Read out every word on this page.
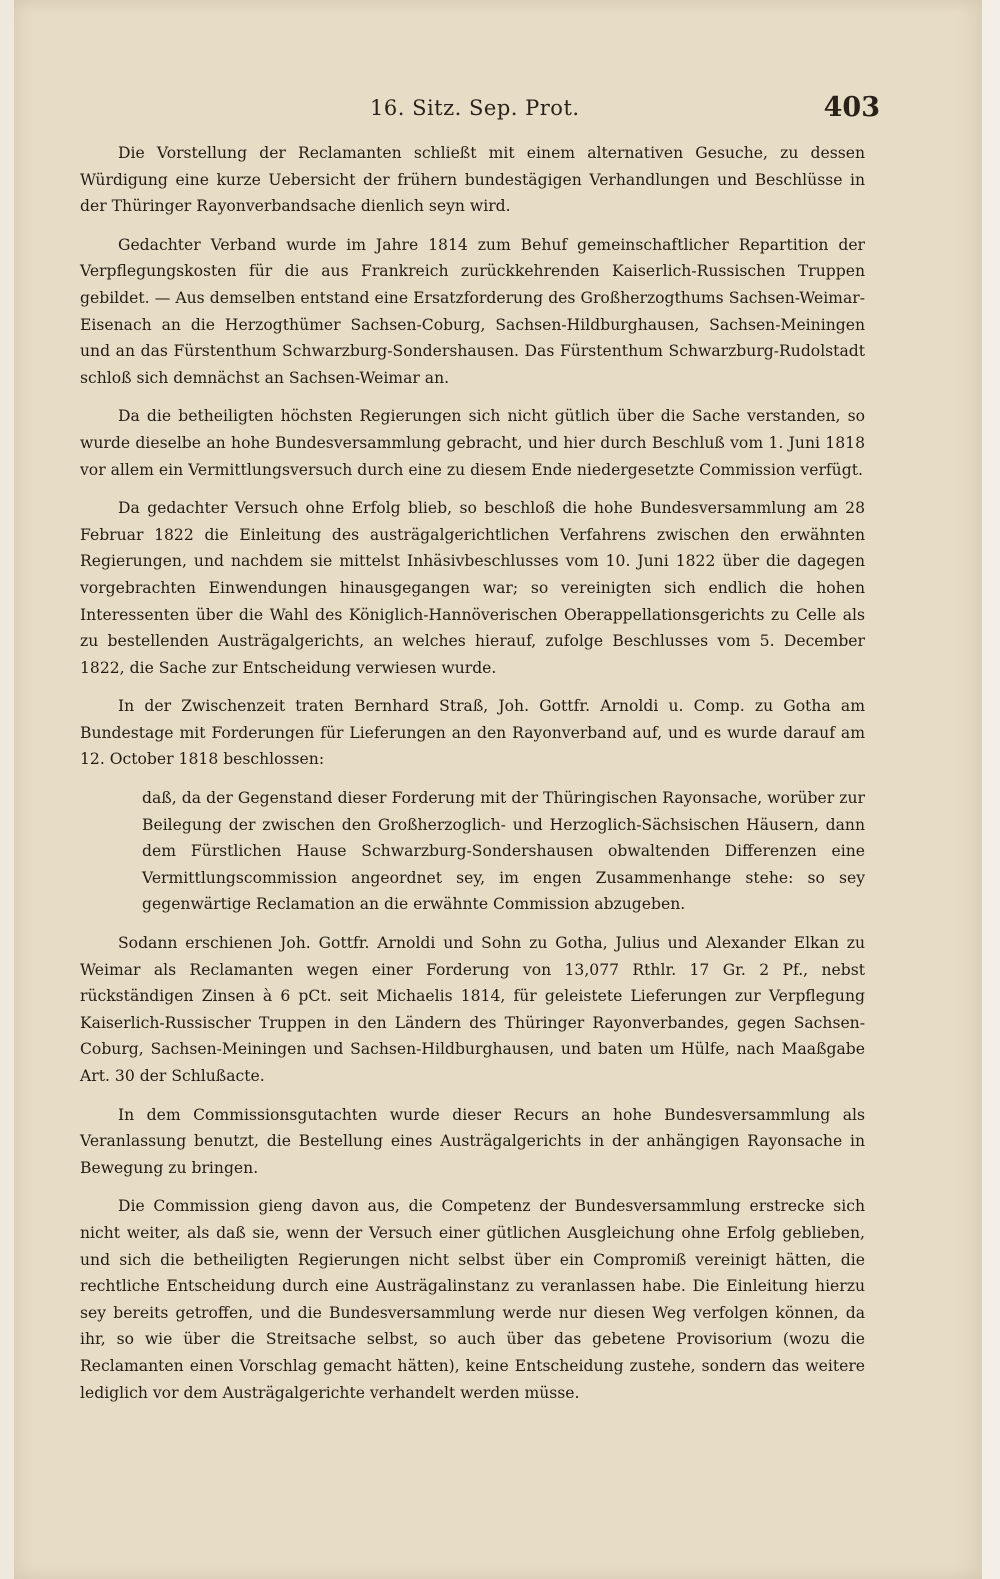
16. Sitz. Sep. Prot.	403

Die Vorstellung der Reclamanten schließt mit einem alternativen Gesuche, zu dessen Würdigung eine kurze Uebersicht der frühern bundestägigen Verhandlungen und Beschlüsse in der Thüringer Rayonverbandsache dienlich seyn wird.

Gedachter Verband wurde im Jahre 1814 zum Behuf gemeinschaftlicher Repartition der Verpflegungskosten für die aus Frankreich zurückkehrenden Kaiserlich-Russischen Truppen gebildet. — Aus demselben entstand eine Ersatzforderung des Großherzogthums Sachsen-Weimar-Eisenach an die Herzogthümer Sachsen-Coburg, Sachsen-Hildburghausen, Sachsen-Meiningen und an das Fürstenthum Schwarzburg-Sondershausen. Das Fürstenthum Schwarzburg-Rudolstadt schloß sich demnächst an Sachsen-Weimar an.

Da die betheiligten höchsten Regierungen sich nicht gütlich über die Sache verstanden, so wurde dieselbe an hohe Bundesversammlung gebracht, und hier durch Beschluß vom 1. Juni 1818 vor allem ein Vermittlungsversuch durch eine zu diesem Ende niedergesetzte Commission verfügt.

Da gedachter Versuch ohne Erfolg blieb, so beschloß die hohe Bundesversammlung am 28 Februar 1822 die Einleitung des austrägalgerichtlichen Verfahrens zwischen den erwähnten Regierungen, und nachdem sie mittelst Inhäsivbeschlusses vom 10. Juni 1822 über die dagegen vorgebrachten Einwendungen hinausgegangen war; so vereinigten sich endlich die hohen Interessenten über die Wahl des Königlich-Hannöverischen Oberappellationsgerichts zu Celle als zu bestellenden Austrägalgerichts, an welches hierauf, zufolge Beschlusses vom 5. December 1822, die Sache zur Entscheidung verwiesen wurde.

In der Zwischenzeit traten Bernhard Straß, Joh. Gottfr. Arnoldi u. Comp. zu Gotha am Bundestage mit Forderungen für Lieferungen an den Rayonverband auf, und es wurde darauf am 12. October 1818 beschlossen:

daß, da der Gegenstand dieser Forderung mit der Thüringischen Rayonsache, worüber zur Beilegung der zwischen den Großherzoglich- und Herzoglich-Sächsischen Häusern, dann dem Fürstlichen Hause Schwarzburg-Sondershausen obwaltenden Differenzen eine Vermittlungscommission angeordnet sey, im engen Zusammenhange stehe: so sey gegenwärtige Reclamation an die erwähnte Commission abzugeben.

Sodann erschienen Joh. Gottfr. Arnoldi und Sohn zu Gotha, Julius und Alexander Elkan zu Weimar als Reclamanten wegen einer Forderung von 13,077 Rthlr. 17 Gr. 2 Pf., nebst rückständigen Zinsen à 6 pCt. seit Michaelis 1814, für geleistete Lieferungen zur Verpflegung Kaiserlich-Russischer Truppen in den Ländern des Thüringer Rayonverbandes, gegen Sachsen-Coburg, Sachsen-Meiningen und Sachsen-Hildburghausen, und baten um Hülfe, nach Maaßgabe Art. 30 der Schlußacte.

In dem Commissionsgutachten wurde dieser Recurs an hohe Bundesversammlung als Veranlassung benutzt, die Bestellung eines Austrägalgerichts in der anhängigen Rayonsache in Bewegung zu bringen.

Die Commission gieng davon aus, die Competenz der Bundesversammlung erstrecke sich nicht weiter, als daß sie, wenn der Versuch einer gütlichen Ausgleichung ohne Erfolg geblieben, und sich die betheiligten Regierungen nicht selbst über ein Compromiß vereinigt hätten, die rechtliche Entscheidung durch eine Austrägalinstanz zu veranlassen habe. Die Einleitung hierzu sey bereits getroffen, und die Bundesversammlung werde nur diesen Weg verfolgen können, da ihr, so wie über die Streitsache selbst, so auch über das gebetene Provisorium (wozu die Reclamanten einen Vorschlag gemacht hätten), keine Entscheidung zustehe, sondern das weitere lediglich vor dem Austrägalgerichte verhandelt werden müsse.
